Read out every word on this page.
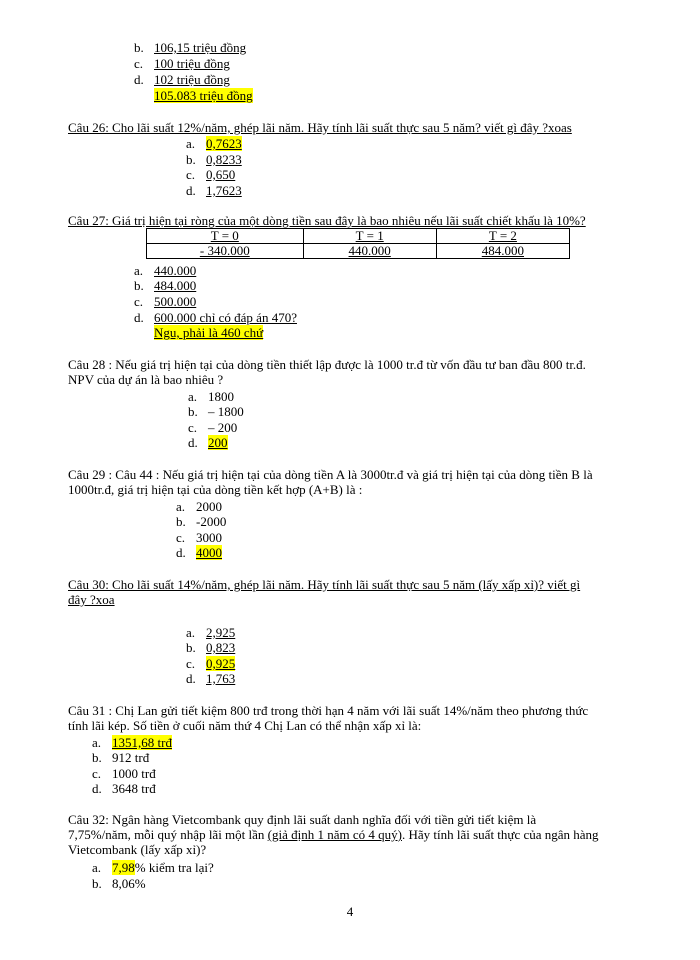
b. 106,15 triệu đồng
c. 100 triệu đồng
d. 102 triệu đồng
105.083 triệu đồng
Câu 26: Cho lãi suất 12%/năm, ghép lãi năm. Hãy tính lãi suất thực sau 5 năm? viết gì đây ?xoas
a. 0,7623
b. 0,8233
c. 0,650
d. 1,7623
Câu 27: Giá trị hiện tại ròng của một dòng tiền sau đây là bao nhiêu nếu lãi suất chiết khấu là 10%?
T = 0	T = 1	T = 2
- 340.000	440.000	484.000
a. 440.000
b. 484.000
c. 500.000
d. 600.000 chỉ có đáp án 470?
Ngu, phải là 460 chứ
Câu 28 : Nếu giá trị hiện tại của dòng tiền thiết lập được là 1000 tr.đ từ vốn đầu tư ban đầu 800 tr.đ.
NPV của dự án là bao nhiêu ?
a. 1800
b. – 1800
c. – 200
d. 200
Câu 29 : Câu 44 : Nếu giá trị hiện tại của dòng tiền A là 3000tr.đ và giá trị hiện tại của dòng tiền B là
1000tr.đ, giá trị hiện tại của dòng tiền kết hợp (A+B) là :
a. 2000
b. -2000
c. 3000
d. 4000
Câu 30: Cho lãi suất 14%/năm, ghép lãi năm. Hãy tính lãi suất thực sau 5 năm (lấy xấp xỉ)? viết gì
đây ?xoa
a. 2,925
b. 0,823
c. 0,925
d. 1,763
Câu 31 : Chị Lan gửi tiết kiệm 800 trđ trong thời hạn 4 năm với lãi suất 14%/năm theo phương thức
tính lãi kép. Số tiền ở cuối năm thứ 4 Chị Lan có thể nhận xấp xỉ là:
a. 1351,68 trđ
b. 912 trđ
c. 1000 trđ
d. 3648 trđ
Câu 32: Ngân hàng Vietcombank quy định lãi suất danh nghĩa đối với tiền gửi tiết kiệm là
7,75%/năm, mỗi quý nhập lãi một lần (giả định 1 năm có 4 quý). Hãy tính lãi suất thực của ngân hàng
Vietcombank (lấy xấp xỉ)?
a. 7,98% kiểm tra lại?
b. 8,06%
4
